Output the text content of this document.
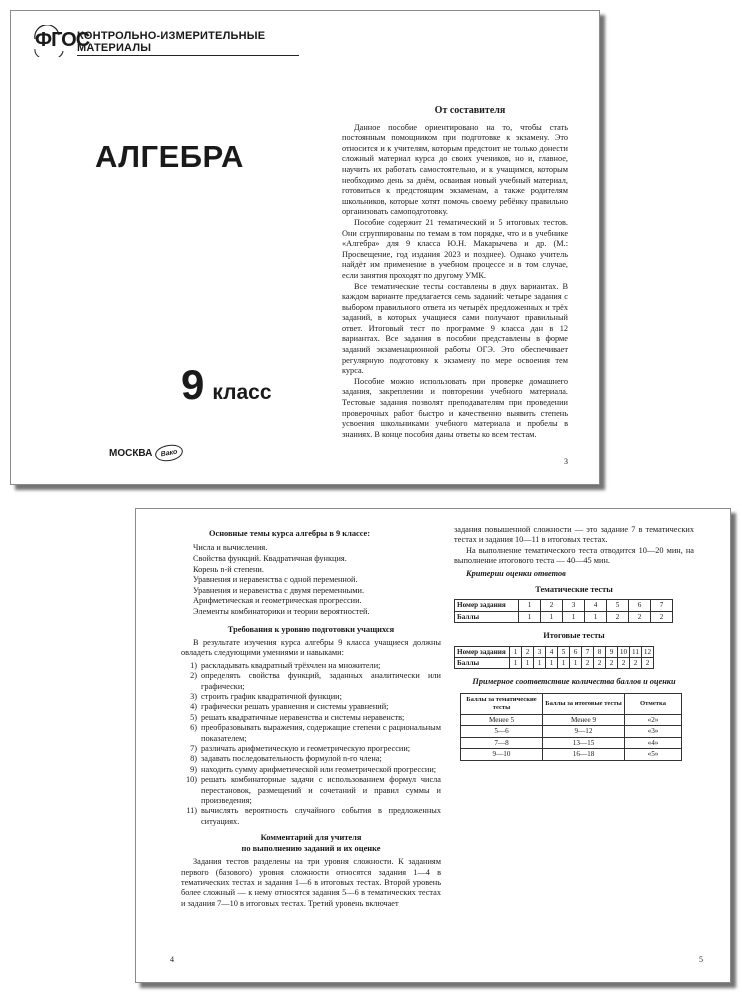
ФГОС
КОНТРОЛЬНО-ИЗМЕРИТЕЛЬНЫЕ МАТЕРИАЛЫ
АЛГЕБРА
9 класс
МОСКВА	Вако
От составителя

Данное пособие ориентировано на то, чтобы стать постоянным помощником при подготовке к экзамену. Это относится и к учителям, которым предстоит не только донести сложный материал курса до своих учеников, но и, главное, научить их работать самостоятельно, и к учащимся, которым необходимо день за днём, осваивая новый учебный материал, готовиться к предстоящим экзаменам, а также родителям школьников, которые хотят помочь своему ребёнку правильно организовать самоподготовку.

Пособие содержит 21 тематический и 5 итоговых тестов. Они сгруппированы по темам в том порядке, что и в учебнике «Алгебра» для 9 класса Ю.Н. Макарычева и др. (М.: Просвещение, год издания 2023 и позднее). Однако учитель найдёт им применение в учебном процессе и в том случае, если занятия проходят по другому УМК.

Все тематические тесты составлены в двух вариантах. В каждом варианте предлагается семь заданий: четыре задания с выбором правильного ответа из четырёх предложенных и трёх заданий, в которых учащиеся сами получают правильный ответ. Итоговый тест по программе 9 класса дан в 12 вариантах. Все задания в пособии представлены в форме заданий экзаменационной работы ОГЭ. Это обеспечивает регулярную подготовку к экзамену по мере освоения тем курса.

Пособие можно использовать при проверке домашнего задания, закреплении и повторении учебного материала. Тестовые задания позволят преподавателям при проведении проверочных работ быстро и качественно выявить степень усвоения школьниками учебного материала и пробелы в знаниях. В конце пособия даны ответы ко всем тестам.

3
Основные темы курса алгебры в 9 классе:
Числа и вычисления.
Свойства функций. Квадратичная функция.
Корень n-й степени.
Уравнения и неравенства с одной переменной.
Уравнения и неравенства с двумя переменными.
Арифметическая и геометрическая прогрессии.
Элементы комбинаторики и теории вероятностей.
Требования к уровню подготовки учащихся
В результате изучения курса алгебры 9 класса учащиеся должны овладеть следующими умениями и навыками:
1) раскладывать квадратный трёхчлен на множители;
2) определять свойства функций, заданных аналитически или графически;
3) строить график квадратичной функции;
4) графически решать уравнения и системы уравнений;
5) решать квадратичные неравенства и системы неравенств;
6) преобразовывать выражения, содержащие степени с рациональным показателем;
7) различать арифметическую и геометрическую прогрессии;
8) задавать последовательность формулой n-го члена;
9) находить сумму арифметической или геометрической прогрессии;
10) решать комбинаторные задачи с использованием формул числа перестановок, размещений и сочетаний и правил суммы и произведения;
11) вычислять вероятность случайного события в предложенных ситуациях.
Комментарий для учителя
по выполнению заданий и их оценке
Задания тестов разделены на три уровня сложности. К заданиям первого (базового) уровня сложности относятся задания 1—4 в тематических тестах и задания 1—6 в итоговых тестах. Второй уровень более сложный — к нему относятся задания 5—6 в тематических тестах и задания 7—10 в итоговых тестах. Третий уровень включает
4
задания повышенной сложности — это задание 7 в тематических тестах и задания 10—11 в итоговых тестах.
На выполнение тематического теста отводится 10—20 мин, на выполнение итогового теста — 40—45 мин.
Критерии оценки ответов
Тематические тесты
Номер задания	1	2	3	4	5	6	7
Баллы	1	1	1	1	2	2	2
Итоговые тесты
Номер задания	1	2	3	4	5	6	7	8	9	10	11	12
Баллы	1	1	1	1	1	1	2	2	2	2	2	2
Примерное соответствие количества баллов и оценки
Баллы за тематические тесты	Баллы за итоговые тесты	Отметка
Менее 5	Менее 9	«2»
5—6	9—12	«3»
7—8	13—15	«4»
9—10	16—18	«5»
5
